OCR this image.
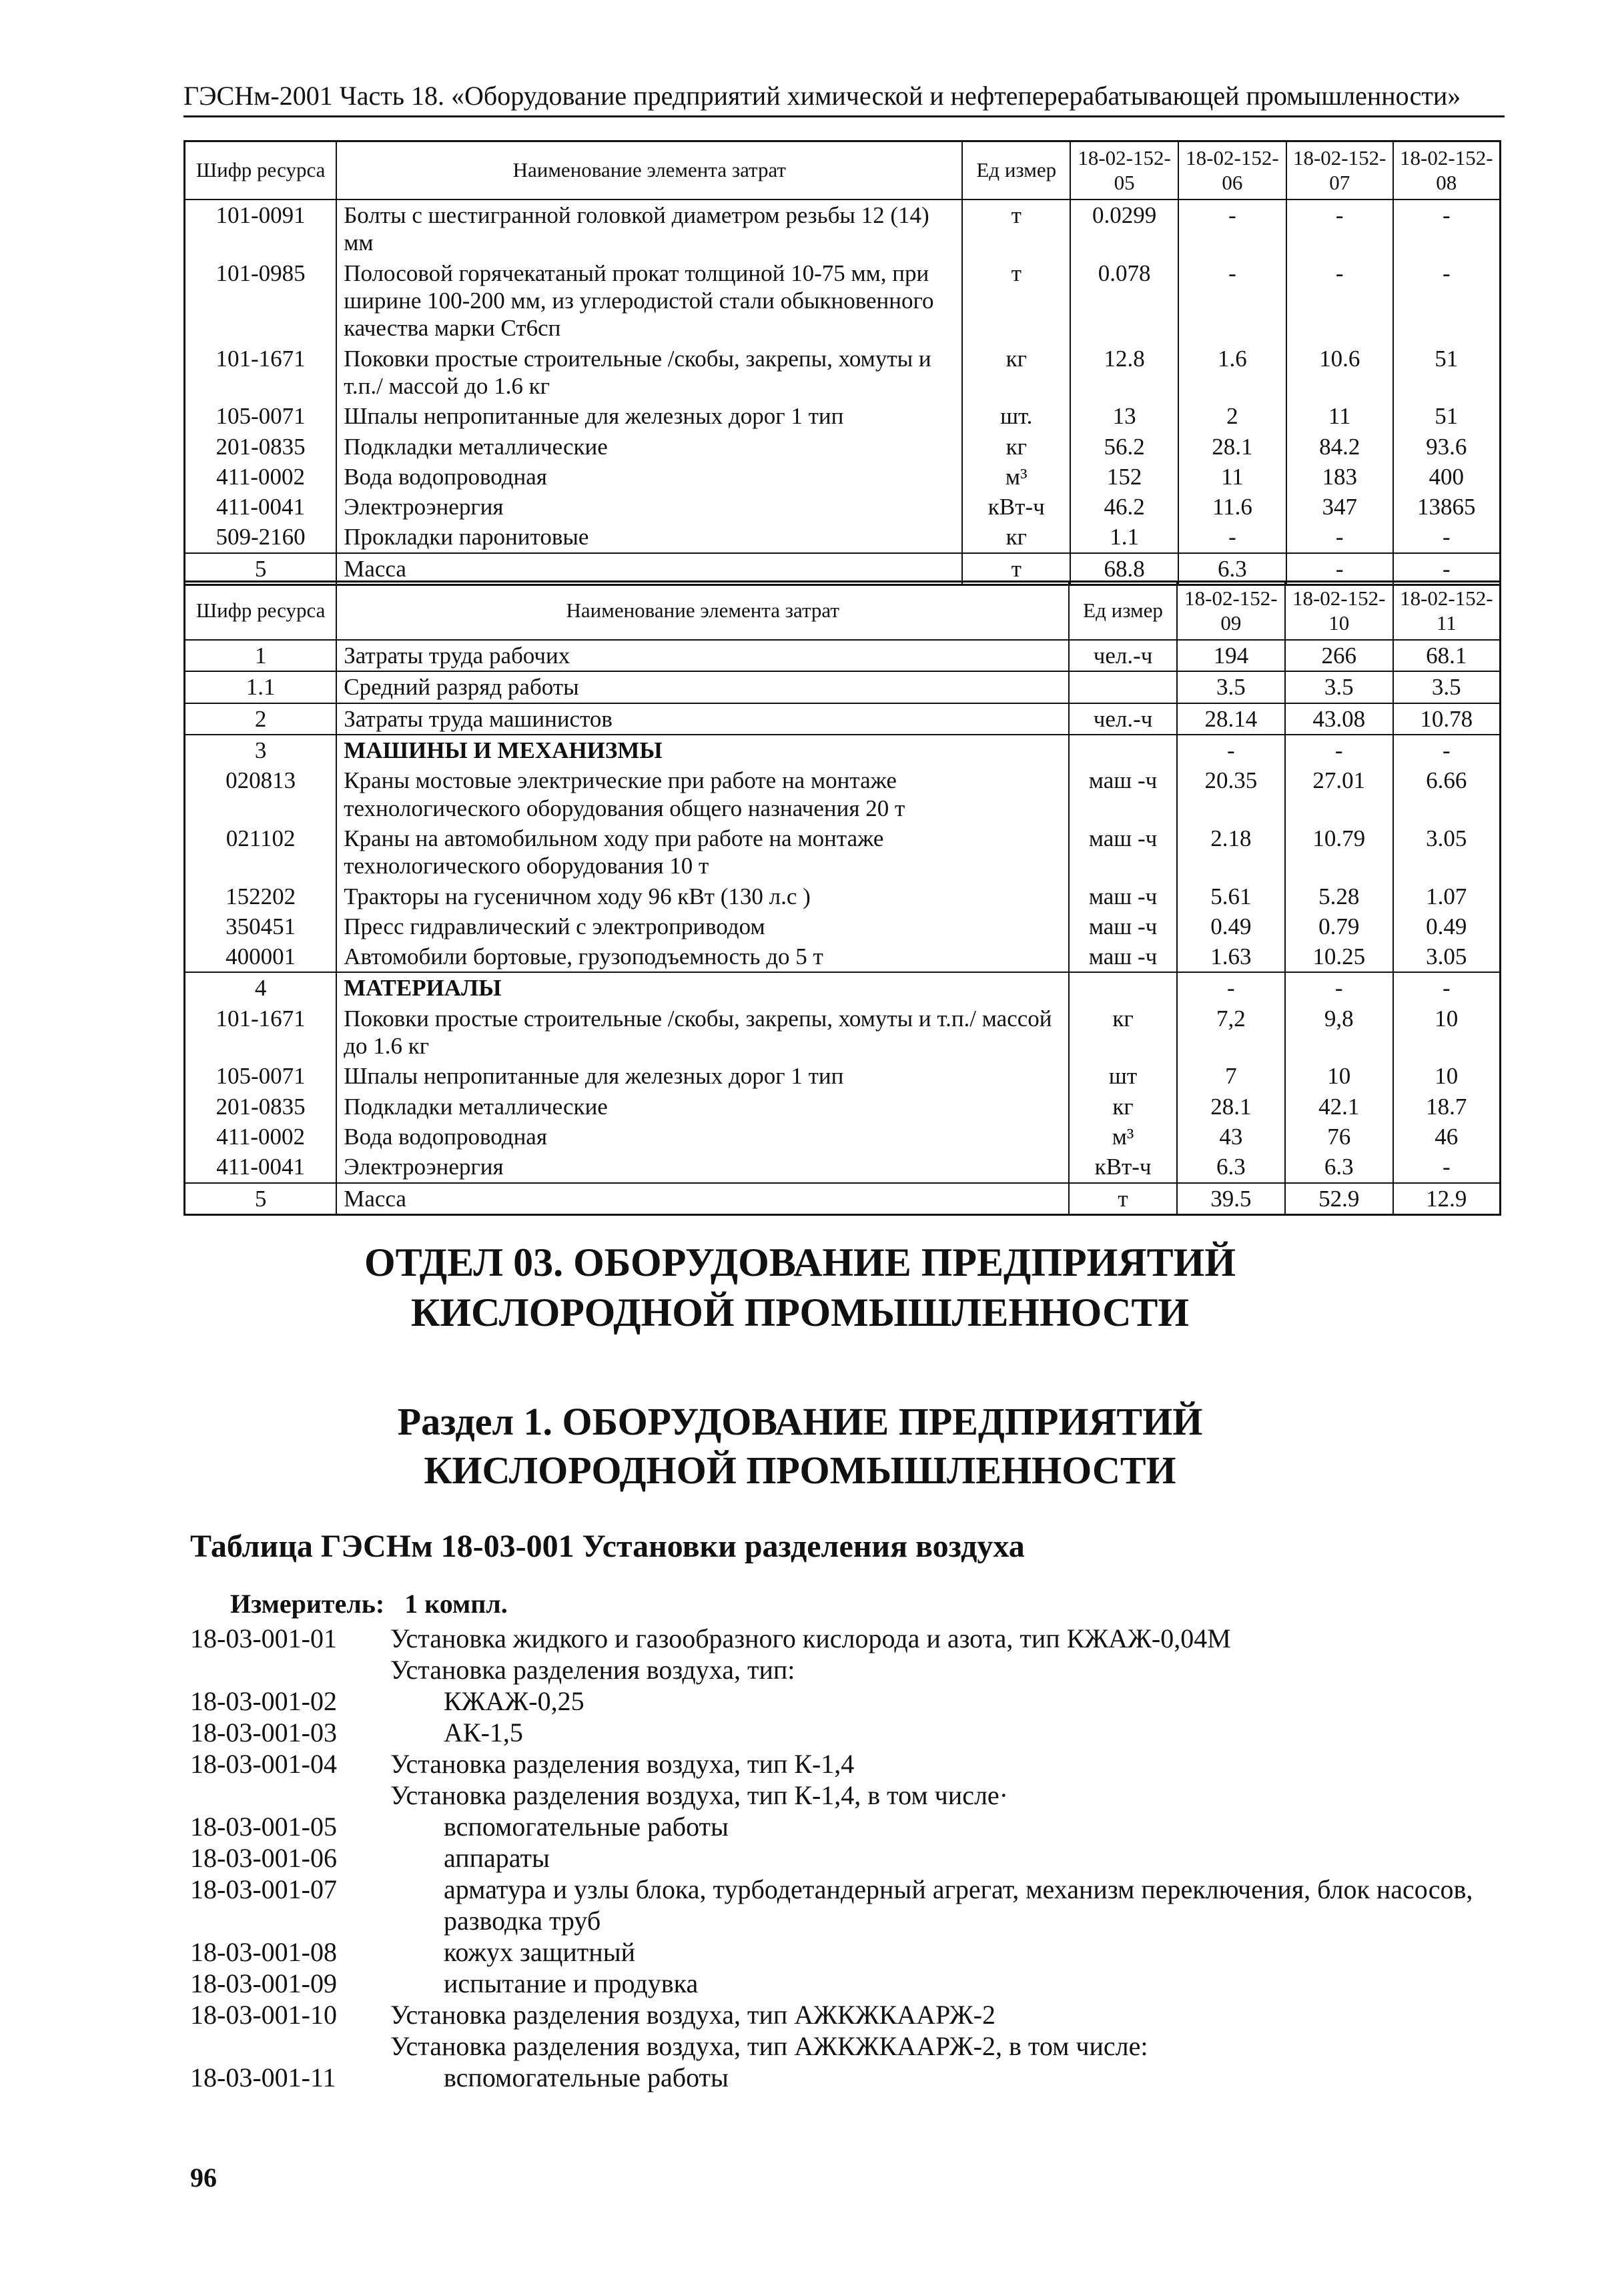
ГЭСНм-2001 Часть 18. «Оборудование предприятий химической и нефтеперерабатывающей промышленности»
Шифр ресурса	Наименование элемента затрат	Ед измер	18-02-152-05	18-02-152-06	18-02-152-07	18-02-152-08
101-0091	Болты с шестигранной головкой диаметром резьбы 12 (14) мм	т	0.0299	-	-	-
101-0985	Полосовой горячекатаный прокат толщиной 10-75 мм, при ширине 100-200 мм, из углеродистой стали обыкновенного качества марки Ст6сп	т	0.078	-	-	-
101-1671	Поковки простые строительные /скобы, закрепы, хомуты и т.п./ массой до 1.6 кг	кг	12.8	1.6	10.6	51
105-0071	Шпалы непропитанные для железных дорог 1 тип	шт.	13	2	11	51
201-0835	Подкладки металлические	кг	56.2	28.1	84.2	93.6
411-0002	Вода водопроводная	м³	152	11	183	400
411-0041	Электроэнергия	кВт-ч	46.2	11.6	347	13865
509-2160	Прокладки паронитовые	кг	1.1	-	-	-
5	Масса	т	68.8	6.3	-	-
Шифр ресурса	Наименование элемента затрат	Ед измер	18-02-152-09	18-02-152-10	18-02-152-11
1	Затраты труда рабочих	чел.-ч	194	266	68.1
1.1	Средний разряд работы		3.5	3.5	3.5
2	Затраты труда машинистов	чел.-ч	28.14	43.08	10.78
3	МАШИНЫ И МЕХАНИЗМЫ		-	-	-
020813	Краны мостовые электрические при работе на монтаже технологического оборудования общего назначения 20 т	маш -ч	20.35	27.01	6.66
021102	Краны на автомобильном ходу при работе на монтаже технологического оборудования 10 т	маш -ч	2.18	10.79	3.05
152202	Тракторы на гусеничном ходу 96 кВт (130 л.с )	маш -ч	5.61	5.28	1.07
350451	Пресс гидравлический с электроприводом	маш -ч	0.49	0.79	0.49
400001	Автомобили бортовые, грузоподъемность до 5 т	маш -ч	1.63	10.25	3.05
4	МАТЕРИАЛЫ		-	-	-
101-1671	Поковки простые строительные /скобы, закрепы, хомуты и т.п./ массой до 1.6 кг	кг	7,2	9,8	10
105-0071	Шпалы непропитанные для железных дорог 1 тип	шт	7	10	10
201-0835	Подкладки металлические	кг	28.1	42.1	18.7
411-0002	Вода водопроводная	м³	43	76	46
411-0041	Электроэнергия	кВт-ч	6.3	6.3	-
5	Масса	т	39.5	52.9	12.9
ОТДЕЛ 03. ОБОРУДОВАНИЕ ПРЕДПРИЯТИЙ КИСЛОРОДНОЙ ПРОМЫШЛЕННОСТИ
Раздел 1. ОБОРУДОВАНИЕ ПРЕДПРИЯТИЙ КИСЛОРОДНОЙ ПРОМЫШЛЕННОСТИ
Таблица ГЭСНм 18-03-001 Установки разделения воздуха
Измеритель: 1 компл.
18-03-001-01	Установка жидкого и газообразного кислорода и азота, тип КЖАЖ-0,04М
Установка разделения воздуха, тип:
18-03-001-02	КЖАЖ-0,25
18-03-001-03	АК-1,5
18-03-001-04	Установка разделения воздуха, тип К-1,4
Установка разделения воздуха, тип К-1,4, в том числе·
18-03-001-05	вспомогательные работы
18-03-001-06	аппараты
18-03-001-07	арматура и узлы блока, турбодетандерный агрегат, механизм переключения, блок насосов, разводка труб
18-03-001-08	кожух защитный
18-03-001-09	испытание и продувка
18-03-001-10	Установка разделения воздуха, тип АЖКЖКААРЖ-2
Установка разделения воздуха, тип АЖКЖКААРЖ-2, в том числе:
18-03-001-11	вспомогательные работы
96
